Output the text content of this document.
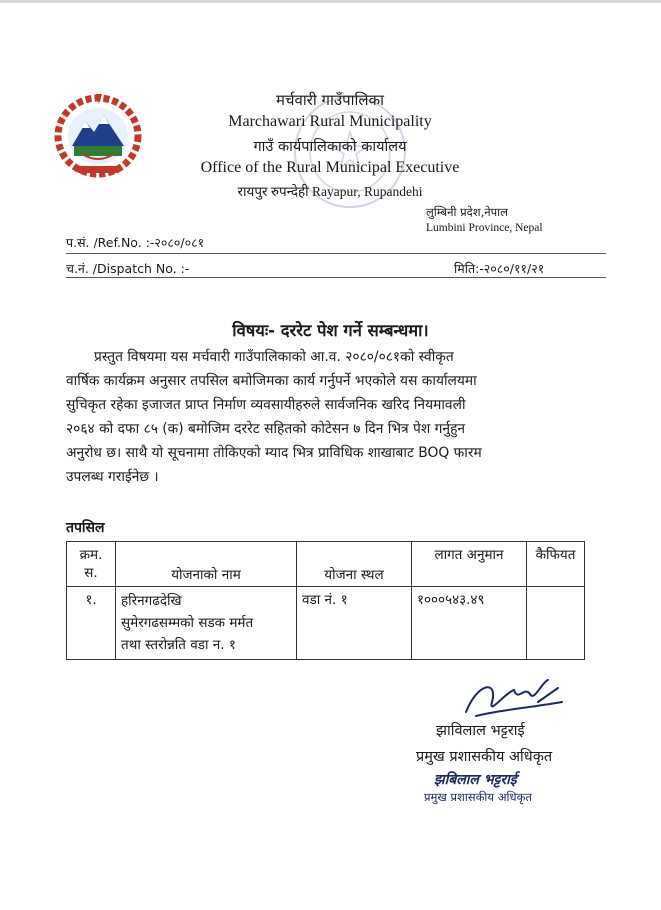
मर्चवारी गाउँपालिका
Marchawari Rural Municipality
गाउँ कार्यपालिकाको कार्यालय
Office of the Rural Municipal Executive
रायपुर रुपन्देही Rayapur, Rupandehi
लुम्बिनी प्रदेश,नेपाल
Lumbini Province, Nepal
प.सं. /Ref.No. :-२०८०/०८१
च.नं. /Dispatch No. :-	मिति:-२०८०/११/२१
विषयः- दररेट पेश गर्ने सम्बन्धमा।
प्रस्तुत विषयमा यस मर्चवारी गाउँपालिकाको आ.व. २०८०/०८१को स्वीकृत
वार्षिक कार्यक्रम अनुसार तपसिल बमोजिमका कार्य गर्नुपर्ने भएकोले यस कार्यालयमा
सुचिकृत रहेका इजाजत प्राप्त निर्माण व्यवसायीहरुले सार्वजनिक खरिद नियमावली
२०६४ को दफा ८५ (क) बमोजिम दररेट सहितको कोटेसन ७ दिन भित्र पेश गर्नुहुन
अनुरोध छ। साथै यो सूचनामा तोकिएको म्याद भित्र प्राविधिक शाखाबाट BOQ फारम
उपलब्ध गराईनेछ ।
तपसिल
क्रम. स.	योजनाको नाम	योजना स्थल	लागत अनुमान	कैफियत
१.	हरिनगढदेखि
सुमेरगढसम्मको सडक मर्मत
तथा स्तरोन्नति वडा न. १	वडा नं. १	१०००५४३.४९	
झाविलाल भट्टराई
प्रमुख प्रशासकीय अधिकृत
झबिलाल भट्टराई
प्रमुख प्रशासकीय अधिकृत
